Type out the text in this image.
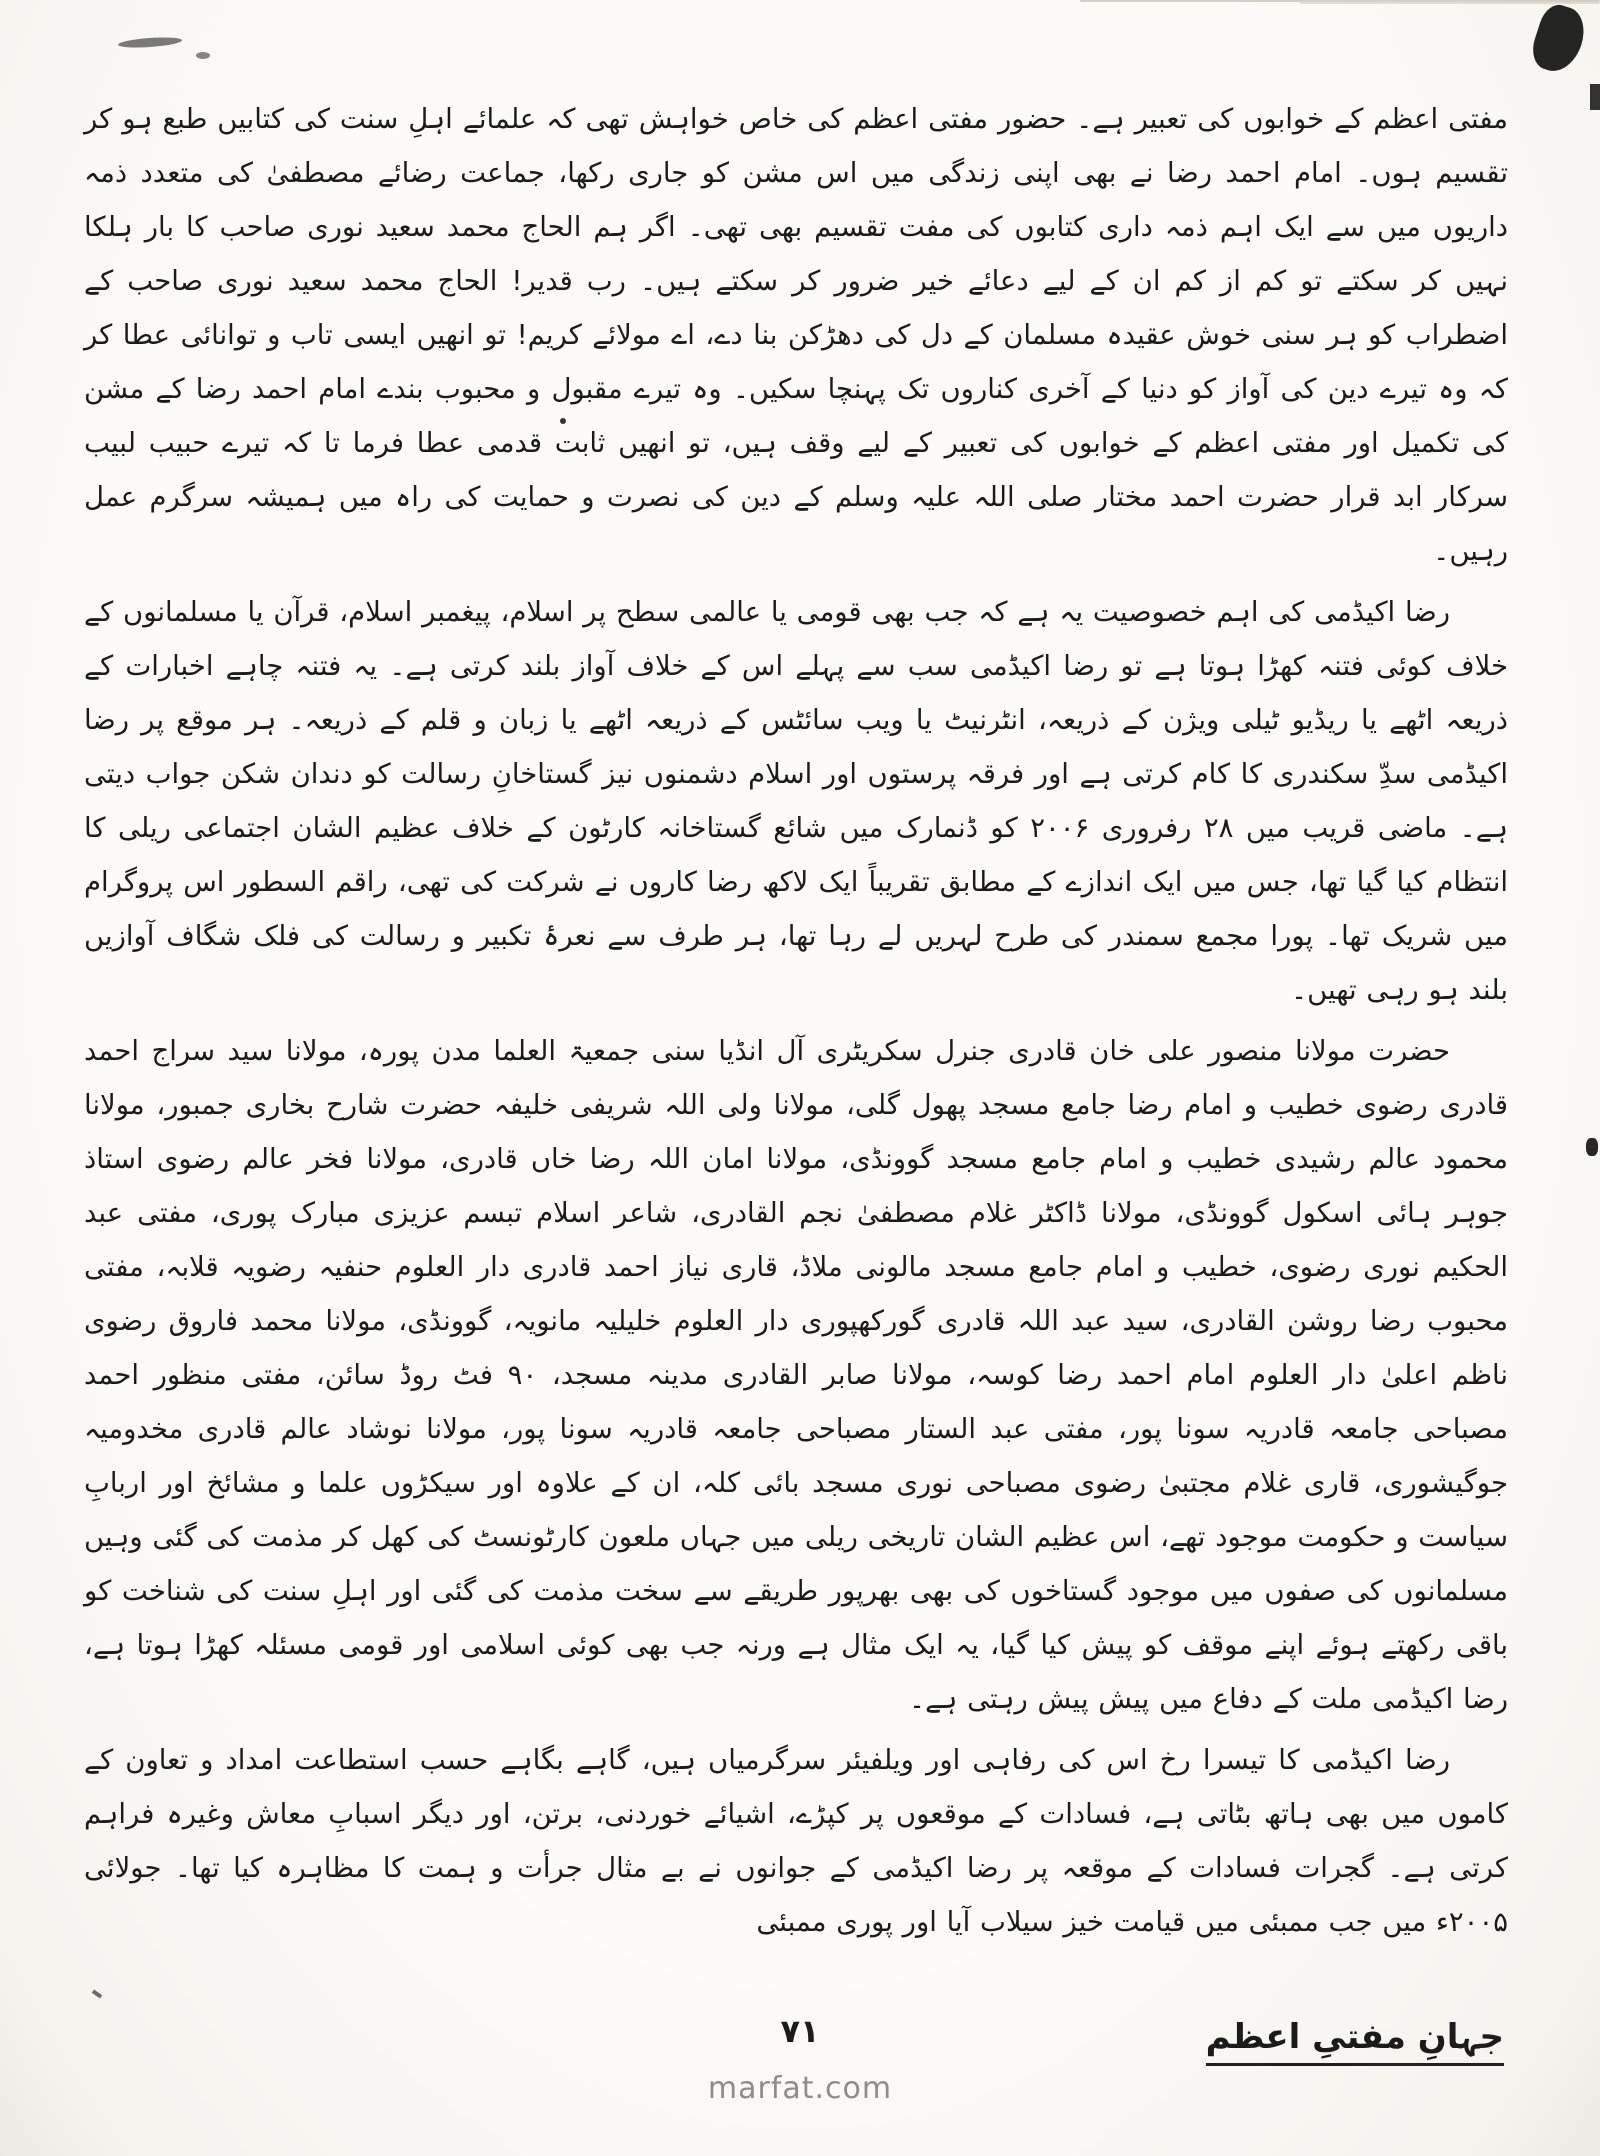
مفتی اعظم کے خوابوں کی تعبیر ہے۔ حضور مفتی اعظم کی خاص خواہش تھی کہ علمائے اہلِ سنت کی کتابیں طبع ہو کر تقسیم ہوں۔ امام احمد رضا نے بھی اپنی زندگی میں اس مشن کو جاری رکھا، جماعت رضائے مصطفیٰ کی متعدد ذمہ داریوں میں سے ایک اہم ذمہ داری کتابوں کی مفت تقسیم بھی تھی۔ اگر ہم الحاج محمد سعید نوری صاحب کا بار ہلکا نہیں کر سکتے تو کم از کم ان کے لیے دعائے خیر ضرور کر سکتے ہیں۔ رب قدیر! الحاج محمد سعید نوری صاحب کے اضطراب کو ہر سنی خوش عقیدہ مسلمان کے دل کی دھڑکن بنا دے، اے مولائے کریم! تو انھیں ایسی تاب و توانائی عطا کر کہ وہ تیرے دین کی آواز کو دنیا کے آخری کناروں تک پہنچا سکیں۔ وہ تیرے مقبول و محبوب بندے امام احمد رضا کے مشن کی تکمیل اور مفتی اعظم کے خوابوں کی تعبیر کے لیے وقف ہیں، تو انھیں ثابت قدمی عطا فرما تا کہ تیرے حبیب لبیب سرکار ابد قرار حضرت احمد مختار صلی اللہ علیہ وسلم کے دین کی نصرت و حمایت کی راہ میں ہمیشہ سرگرم عمل رہیں۔

رضا اکیڈمی کی اہم خصوصیت یہ ہے کہ جب بھی قومی یا عالمی سطح پر اسلام، پیغمبر اسلام، قرآن یا مسلمانوں کے خلاف کوئی فتنہ کھڑا ہوتا ہے تو رضا اکیڈمی سب سے پہلے اس کے خلاف آواز بلند کرتی ہے۔ یہ فتنہ چاہے اخبارات کے ذریعہ اٹھے یا ریڈیو ٹیلی ویژن کے ذریعہ، انٹرنیٹ یا ویب سائٹس کے ذریعہ اٹھے یا زبان و قلم کے ذریعہ۔ ہر موقع پر رضا اکیڈمی سدِّ سکندری کا کام کرتی ہے اور فرقہ پرستوں اور اسلام دشمنوں نیز گستاخانِ رسالت کو دندان شکن جواب دیتی ہے۔ ماضی قریب میں ۲۸ رفروری ۲۰۰۶ کو ڈنمارک میں شائع گستاخانہ کارٹون کے خلاف عظیم الشان اجتماعی ریلی کا انتظام کیا گیا تھا، جس میں ایک اندازے کے مطابق تقریباً ایک لاکھ رضا کاروں نے شرکت کی تھی، راقم السطور اس پروگرام میں شریک تھا۔ پورا مجمع سمندر کی طرح لہریں لے رہا تھا، ہر طرف سے نعرۂ تکبیر و رسالت کی فلک شگاف آوازیں بلند ہو رہی تھیں۔

حضرت مولانا منصور علی خان قادری جنرل سکریٹری آل انڈیا سنی جمعیۃ العلما مدن پورہ، مولانا سید سراج احمد قادری رضوی خطیب و امام رضا جامع مسجد پھول گلی، مولانا ولی اللہ شریفی خلیفہ حضرت شارح بخاری جمبور، مولانا محمود عالم رشیدی خطیب و امام جامع مسجد گوونڈی، مولانا امان اللہ رضا خاں قادری، مولانا فخر عالم رضوی استاذ جوہر ہائی اسکول گوونڈی، مولانا ڈاکٹر غلام مصطفیٰ نجم القادری، شاعر اسلام تبسم عزیزی مبارک پوری، مفتی عبد الحکیم نوری رضوی، خطیب و امام جامع مسجد مالونی ملاڈ، قاری نیاز احمد قادری دار العلوم حنفیہ رضویہ قلابہ، مفتی محبوب رضا روشن القادری، سید عبد اللہ قادری گورکھپوری دار العلوم خلیلیہ مانویہ، گوونڈی، مولانا محمد فاروق رضوی ناظم اعلیٰ دار العلوم امام احمد رضا کوسہ، مولانا صابر القادری مدینہ مسجد، ۹۰ فٹ روڈ سائن، مفتی منظور احمد مصباحی جامعہ قادریہ سونا پور، مفتی عبد الستار مصباحی جامعہ قادریہ سونا پور، مولانا نوشاد عالم قادری مخدومیہ جوگیشوری، قاری غلام مجتبیٰ رضوی مصباحی نوری مسجد بائی کلہ، ان کے علاوہ اور سیکڑوں علما و مشائخ اور اربابِ سیاست و حکومت موجود تھے، اس عظیم الشان تاریخی ریلی میں جہاں ملعون کارٹونسٹ کی کھل کر مذمت کی گئی وہیں مسلمانوں کی صفوں میں موجود گستاخوں کی بھی بھرپور طریقے سے سخت مذمت کی گئی اور اہلِ سنت کی شناخت کو باقی رکھتے ہوئے اپنے موقف کو پیش کیا گیا، یہ ایک مثال ہے ورنہ جب بھی کوئی اسلامی اور قومی مسئلہ کھڑا ہوتا ہے، رضا اکیڈمی ملت کے دفاع میں پیش پیش رہتی ہے۔

رضا اکیڈمی کا تیسرا رخ اس کی رفاہی اور ویلفیئر سرگرمیاں ہیں، گاہے بگاہے حسب استطاعت امداد و تعاون کے کاموں میں بھی ہاتھ بٹاتی ہے، فسادات کے موقعوں پر کپڑے، اشیائے خوردنی، برتن، اور دیگر اسبابِ معاش وغیرہ فراہم کرتی ہے۔ گجرات فسادات کے موقعہ پر رضا اکیڈمی کے جوانوں نے بے مثال جرأت و ہمت کا مظاہرہ کیا تھا۔ جولائی ۲۰۰۵ء میں جب ممبئی میں قیامت خیز سیلاب آیا اور پوری ممبئی

جہانِ مفتیِ اعظم
۷۱
marfat.com
